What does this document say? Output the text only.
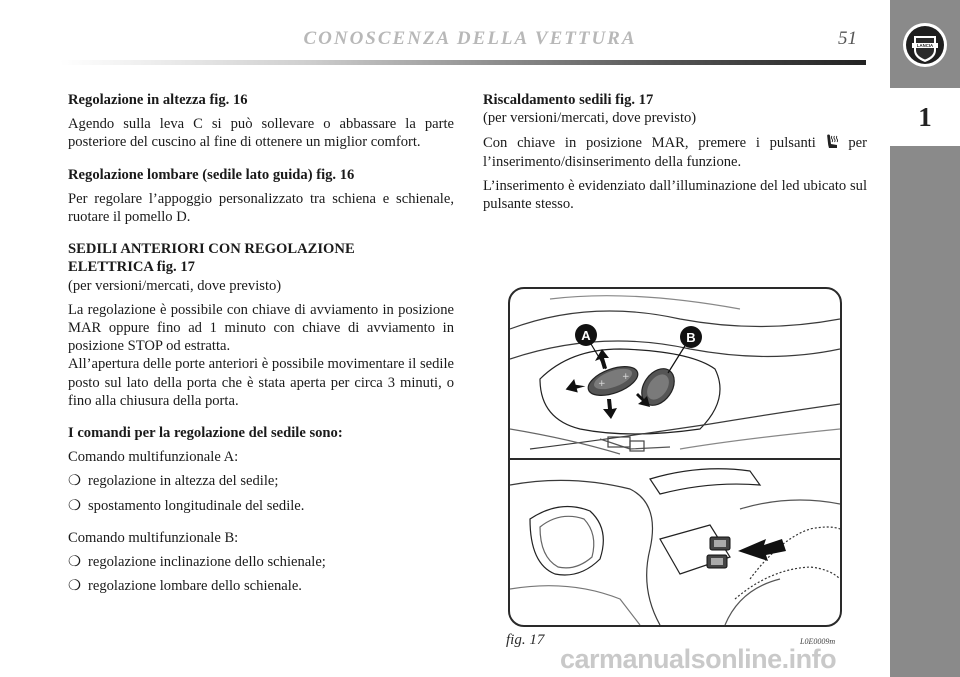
CONOSCENZA DELLA VETTURA	51	LANCIA
1
Regolazione in altezza fig. 16
Agendo sulla leva C si può sollevare o abbassare la parte posteriore del cuscino al fine di ottenere un miglior comfort.
Regolazione lombare (sedile lato guida) fig. 16
Per regolare l’appoggio personalizzato tra schiena e schienale, ruotare il pomello D.
SEDILI ANTERIORI CON REGOLAZIONE
ELETTRICA fig. 17
(per versioni/mercati, dove previsto)
La regolazione è possibile con chiave di avviamento in posizione MAR oppure fino ad 1 minuto con chiave di avviamento in posizione STOP od estratta.
All’apertura delle porte anteriori è possibile movimentare il sedile posto sul lato della porta che è stata aperta per circa 3 minuti, o fino alla chiusura della porta.
I comandi per la regolazione del sedile sono:
Comando multifunzionale A:
❍ regolazione in altezza del sedile;
❍ spostamento longitudinale del sedile.
Comando multifunzionale B:
❍ regolazione inclinazione dello schienale;
❍ regolazione lombare dello schienale.
Riscaldamento sedili fig. 17
(per versioni/mercati, dove previsto)
Con chiave in posizione MAR, premere i pulsanti per l’inserimento/disinserimento della funzione.
L’inserimento è evidenziato dall’illuminazione del led ubicato sul pulsante stesso.
+
+
A	B
fig. 17	L0E0009m
carmanualsonline.info
